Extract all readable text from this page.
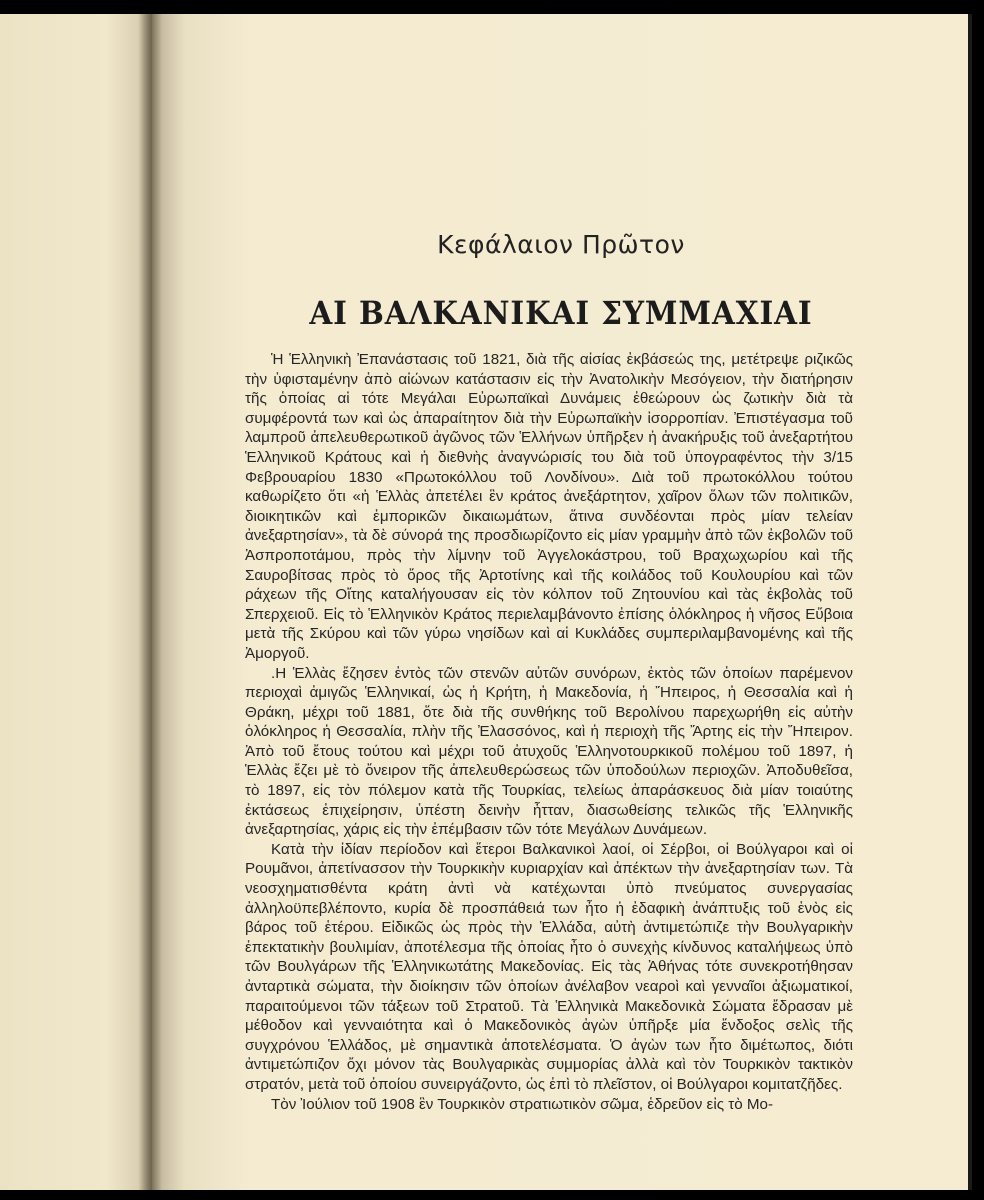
Κεφάλαιον Πρῶτον
ΑΙ ΒΑΛΚΑΝΙΚΑΙ ΣΥΜΜΑΧΙΑΙ

Ἡ Ἑλληνικὴ Ἐπανάστασις τοῦ 1821, διὰ τῆς αἰσίας ἐκβάσεώς της, μετέτρεψε ριζικῶς τὴν ὑφισταμένην ἀπὸ αἰώνων κατάστασιν εἰς τὴν Ἀνατολικὴν Μεσόγειον, τὴν διατήρησιν τῆς ὁποίας αἱ τότε Μεγάλαι Εὐρωπαϊκαὶ Δυνάμεις ἐθεώρουν ὡς ζωτικὴν διὰ τὰ συμφέροντά των καὶ ὡς ἀπαραίτητον διὰ τὴν Εὐρωπαϊκὴν ἰσορροπίαν. Ἐπιστέγασμα τοῦ λαμπροῦ ἀπελευθερωτικοῦ ἀγῶνος τῶν Ἑλλήνων ὑπῆρξεν ἡ ἀνακήρυξις τοῦ ἀνεξαρτήτου Ἑλληνικοῦ Κράτους καὶ ἡ διεθνὴς ἀναγνώρισίς του διὰ τοῦ ὑπογραφέντος τὴν 3/15 Φεβρουαρίου 1830 «Πρωτοκόλλου τοῦ Λονδίνου». Διὰ τοῦ πρωτοκόλλου τούτου καθωρίζετο ὅτι «ἡ Ἑλλὰς ἀπετέλει ἓν κράτος ἀνεξάρτητον, χαῖρον ὅλων τῶν πολιτικῶν, διοικητικῶν καὶ ἐμπορικῶν δικαιωμάτων, ἅτινα συνδέονται πρὸς μίαν τελείαν ἀνεξαρτησίαν», τὰ δὲ σύνορά της προσδιωρίζοντο εἰς μίαν γραμμὴν ἀπὸ τῶν ἐκβολῶν τοῦ Ἀσπροποτάμου, πρὸς τὴν λίμνην τοῦ Ἀγγελοκάστρου, τοῦ Βραχωχωρίου καὶ τῆς Σαυροβίτσας πρὸς τὸ ὄρος τῆς Ἀρτοτίνης καὶ τῆς κοιλάδος τοῦ Κουλουρίου καὶ τῶν ράχεων τῆς Οἴτης καταλήγουσαν εἰς τὸν κόλπον τοῦ Ζητουνίου καὶ τὰς ἐκβολὰς τοῦ Σπερχειοῦ. Εἰς τὸ Ἑλληνικὸν Κράτος περιελαμβάνοντο ἐπίσης ὁλόκληρος ἡ νῆσος Εὔβοια μετὰ τῆς Σκύρου καὶ τῶν γύρω νησίδων καὶ αἱ Κυκλάδες συμπεριλαμβανομένης καὶ τῆς Ἀμοργοῦ.

.Η Ἑλλὰς ἔζησεν ἐντὸς τῶν στενῶν αὐτῶν συνόρων, ἐκτὸς τῶν ὁποίων παρέμενον περιοχαὶ ἀμιγῶς Ἑλληνικαί, ὡς ἡ Κρήτη, ἡ Μακεδονία, ἡ Ἤπειρος, ἡ Θεσσαλία καὶ ἡ Θράκη, μέχρι τοῦ 1881, ὅτε διὰ τῆς συνθήκης τοῦ Βερολίνου παρεχωρήθη εἰς αὐτὴν ὁλόκληρος ἡ Θεσσαλία, πλὴν τῆς Ἐλασσόνος, καὶ ἡ περιοχὴ τῆς Ἄρτης εἰς τὴν Ἤπειρον. Ἀπὸ τοῦ ἔτους τούτου καὶ μέχρι τοῦ ἀτυχοῦς Ἑλληνοτουρκικοῦ πολέμου τοῦ 1897, ἡ Ἑλλὰς ἔζει μὲ τὸ ὄνειρον τῆς ἀπελευθερώσεως τῶν ὑποδούλων περιοχῶν. Ἀποδυθεῖσα, τὸ 1897, εἰς τὸν πόλεμον κατὰ τῆς Τουρκίας, τελείως ἀπαράσκευος διὰ μίαν τοιαύτης ἐκτάσεως ἐπιχείρησιν, ὑπέστη δεινὴν ἧτταν, διασωθείσης τελικῶς τῆς Ἑλληνικῆς ἀνεξαρτησίας, χάρις εἰς τὴν ἐπέμβασιν τῶν τότε Μεγάλων Δυνάμεων.

Κατὰ τὴν ἰδίαν περίοδον καὶ ἕτεροι Βαλκανικοὶ λαοί, οἱ Σέρβοι, οἱ Βούλγαροι καὶ οἱ Ρουμᾶνοι, ἀπετίνασσον τὴν Τουρκικὴν κυριαρχίαν καὶ ἀπέκτων τὴν ἀνεξαρτησίαν των. Τὰ νεοσχηματισθέντα κράτη ἀντὶ νὰ κατέχωνται ὑπὸ πνεύματος συνεργασίας ἀλληλοϋπεβλέποντο, κυρία δὲ προσπάθειά των ἦτο ἡ ἐδαφικὴ ἀνάπτυξις τοῦ ἑνὸς εἰς βάρος τοῦ ἑτέρου. Εἰδικῶς ὡς πρὸς τὴν Ἑλλάδα, αὐτὴ ἀντιμετώπιζε τὴν Βουλγαρικὴν ἐπεκτατικὴν βουλιμίαν, ἀποτέλεσμα τῆς ὁποίας ἦτο ὁ συνεχὴς κίνδυνος καταλήψεως ὑπὸ τῶν Βουλγάρων τῆς Ἑλληνικωτάτης Μακεδονίας. Εἰς τὰς Ἀθήνας τότε συνεκροτήθησαν ἀνταρτικὰ σώματα, τὴν διοίκησιν τῶν ὁποίων ἀνέλαβον νεαροὶ καὶ γενναῖοι ἀξιωματικοί, παραιτούμενοι τῶν τάξεων τοῦ Στρατοῦ. Τὰ Ἑλληνικὰ Μακεδονικὰ Σώματα ἔδρασαν μὲ μέθοδον καὶ γενναιότητα καὶ ὁ Μακεδονικὸς ἀγὼν ὑπῆρξε μία ἔνδοξος σελὶς τῆς συγχρόνου Ἑλλάδος, μὲ σημαντικὰ ἀποτελέσματα. Ὁ ἀγὼν των ἦτο διμέτωπος, διότι ἀντιμετώπιζον ὄχι μόνον τὰς Βουλγαρικὰς συμμορίας ἀλλὰ καὶ τὸν Τουρκικὸν τακτικὸν στρατόν, μετὰ τοῦ ὁποίου συνειργάζοντο, ὡς ἐπὶ τὸ πλεῖστον, οἱ Βούλγαροι κομιτατζῆδες.

Τὸν Ἰούλιον τοῦ 1908 ἓν Τουρκικὸν στρατιωτικὸν σῶμα, ἑδρεῦον εἰς τὸ Μο-
